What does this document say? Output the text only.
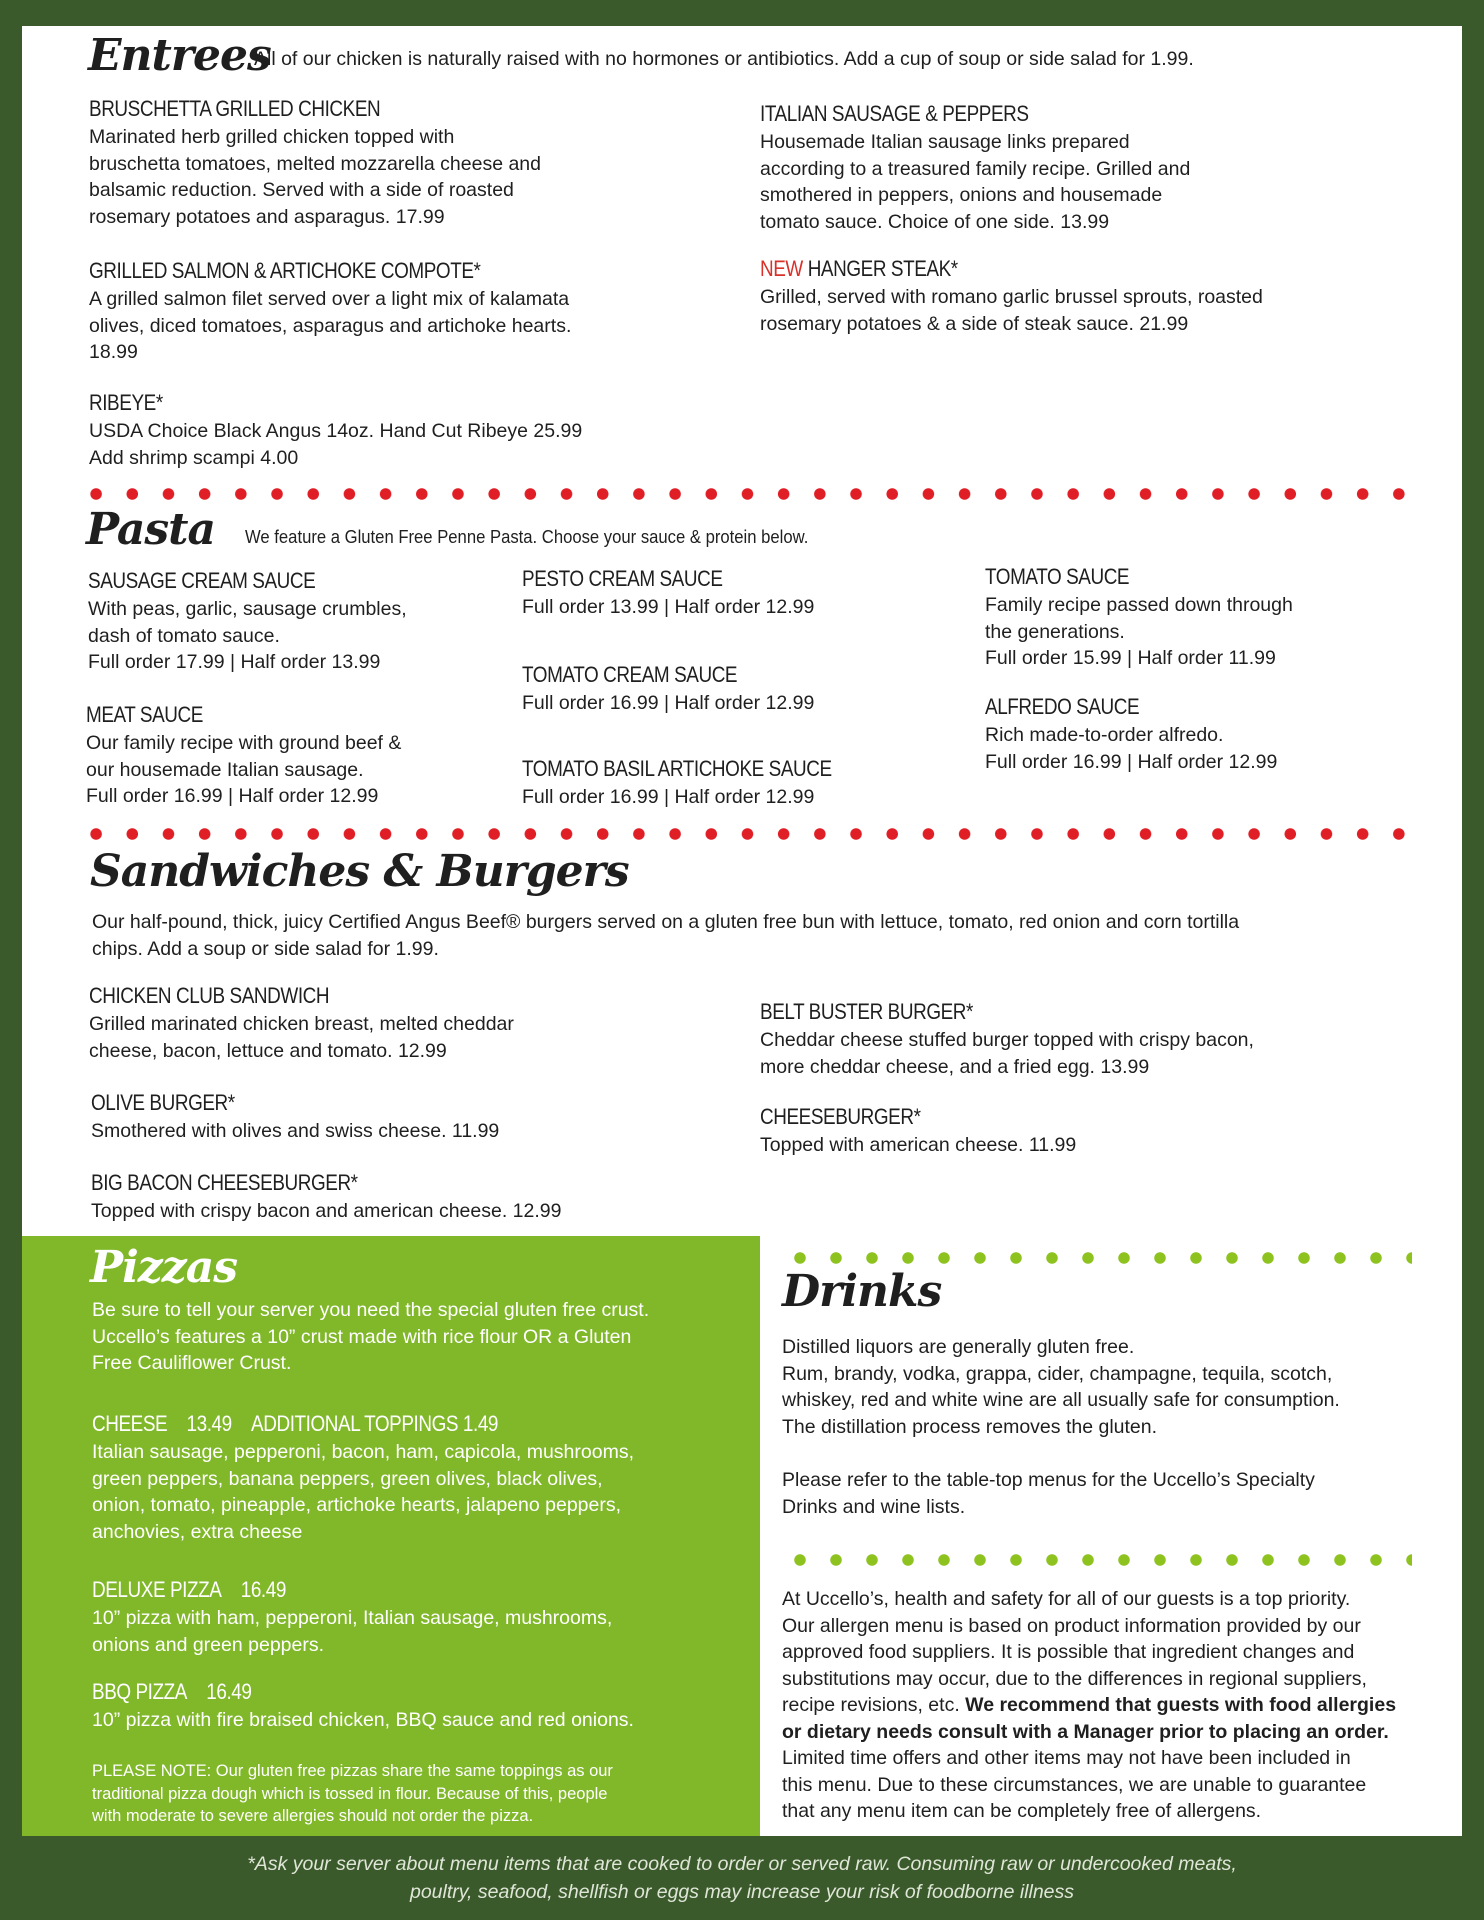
Entrees
All of our chicken is naturally raised with no hormones or antibiotics. Add a cup of soup or side salad for 1.99.
BRUSCHETTA GRILLED CHICKEN
Marinated herb grilled chicken topped with
bruschetta tomatoes, melted mozzarella cheese and
balsamic reduction. Served with a side of roasted
rosemary potatoes and asparagus. 17.99
GRILLED SALMON & ARTICHOKE COMPOTE*
A grilled salmon filet served over a light mix of kalamata
olives, diced tomatoes, asparagus and artichoke hearts.
18.99
RIBEYE*
USDA Choice Black Angus 14oz. Hand Cut Ribeye 25.99
Add shrimp scampi 4.00
ITALIAN SAUSAGE & PEPPERS
Housemade Italian sausage links prepared
according to a treasured family recipe. Grilled and
smothered in peppers, onions and housemade
tomato sauce. Choice of one side. 13.99
NEW HANGER STEAK*
Grilled, served with romano garlic brussel sprouts, roasted
rosemary potatoes & a side of steak sauce. 21.99
Pasta We feature a Gluten Free Penne Pasta. Choose your sauce & protein below.
SAUSAGE CREAM SAUCE
With peas, garlic, sausage crumbles,
dash of tomato sauce.
Full order 17.99 | Half order 13.99
MEAT SAUCE
Our family recipe with ground beef &
our housemade Italian sausage.
Full order 16.99 | Half order 12.99
PESTO CREAM SAUCE
Full order 13.99 | Half order 12.99
TOMATO CREAM SAUCE
Full order 16.99 | Half order 12.99
TOMATO BASIL ARTICHOKE SAUCE
Full order 16.99 | Half order 12.99
TOMATO SAUCE
Family recipe passed down through
the generations.
Full order 15.99 | Half order 11.99
ALFREDO SAUCE
Rich made-to-order alfredo.
Full order 16.99 | Half order 12.99
Sandwiches & Burgers
Our half-pound, thick, juicy Certified Angus Beef® burgers served on a gluten free bun with lettuce, tomato, red onion and corn tortilla
chips. Add a soup or side salad for 1.99.
CHICKEN CLUB SANDWICH
Grilled marinated chicken breast, melted cheddar
cheese, bacon, lettuce and tomato. 12.99
OLIVE BURGER*
Smothered with olives and swiss cheese. 11.99
BIG BACON CHEESEBURGER*
Topped with crispy bacon and american cheese. 12.99
BELT BUSTER BURGER*
Cheddar cheese stuffed burger topped with crispy bacon,
more cheddar cheese, and a fried egg. 13.99
CHEESEBURGER*
Topped with american cheese. 11.99
Pizzas
Be sure to tell your server you need the special gluten free crust.
Uccello’s features a 10” crust made with rice flour OR a Gluten
Free Cauliflower Crust.
CHEESE 13.49 ADDITIONAL TOPPINGS 1.49
Italian sausage, pepperoni, bacon, ham, capicola, mushrooms,
green peppers, banana peppers, green olives, black olives,
onion, tomato, pineapple, artichoke hearts, jalapeno peppers,
anchovies, extra cheese
DELUXE PIZZA 16.49
10” pizza with ham, pepperoni, Italian sausage, mushrooms,
onions and green peppers.
BBQ PIZZA 16.49
10” pizza with fire braised chicken, BBQ sauce and red onions.
PLEASE NOTE: Our gluten free pizzas share the same toppings as our
traditional pizza dough which is tossed in flour. Because of this, people
with moderate to severe allergies should not order the pizza.
Drinks
Distilled liquors are generally gluten free.
Rum, brandy, vodka, grappa, cider, champagne, tequila, scotch,
whiskey, red and white wine are all usually safe for consumption.
The distillation process removes the gluten.
Please refer to the table-top menus for the Uccello’s Specialty
Drinks and wine lists.
At Uccello’s, health and safety for all of our guests is a top priority.
Our allergen menu is based on product information provided by our
approved food suppliers. It is possible that ingredient changes and
substitutions may occur, due to the differences in regional suppliers,
recipe revisions, etc. We recommend that guests with food allergies
or dietary needs consult with a Manager prior to placing an order.
Limited time offers and other items may not have been included in
this menu. Due to these circumstances, we are unable to guarantee
that any menu item can be completely free of allergens.
*Ask your server about menu items that are cooked to order or served raw. Consuming raw or undercooked meats,
poultry, seafood, shellfish or eggs may increase your risk of foodborne illness
